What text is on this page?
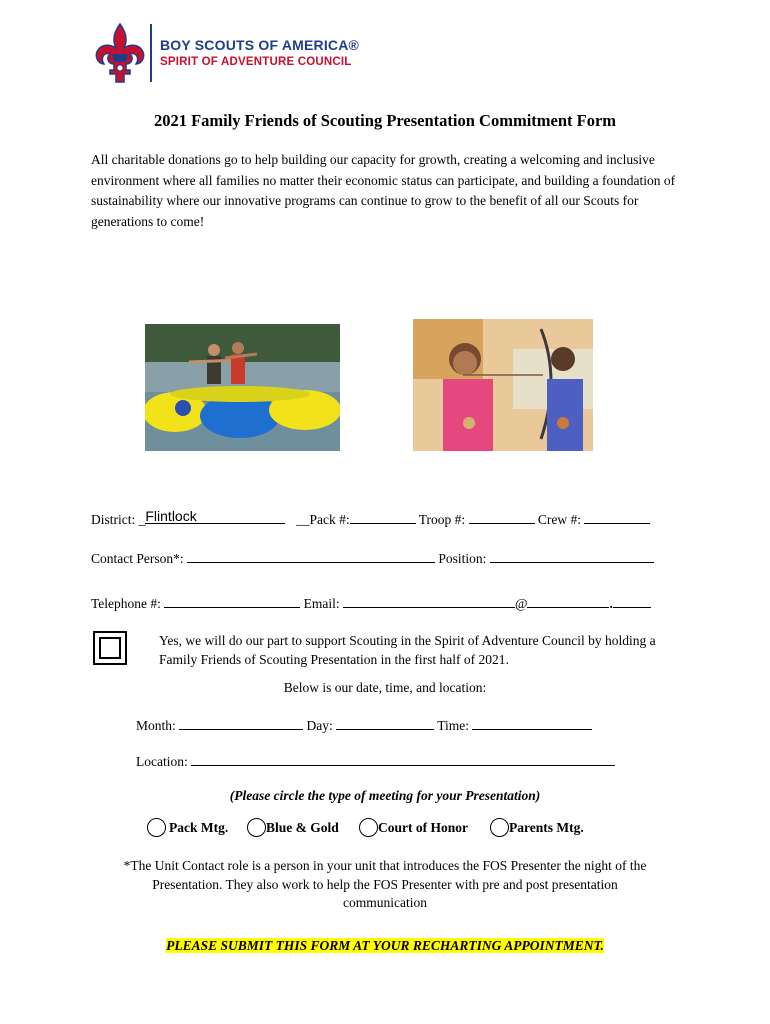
BOY SCOUTS OF AMERICA®
SPIRIT OF ADVENTURE COUNCIL
2021 Family Friends of Scouting Presentation Commitment Form
All charitable donations go to help building our capacity for growth, creating a welcoming and inclusive environment where all families no matter their economic status can participate, and building a foundation of sustainability where our innovative programs can continue to grow to the benefit of all our Scouts for generations to come!
District: _ Flintlock	__Pack #:	Troop #:	Crew #:
Contact Person*:	Position:
Telephone #:	Email:	@	.
Yes, we will do our part to support Scouting in the Spirit of Adventure Council by holding a Family Friends of Scouting Presentation in the first half of 2021.
Below is our date, time, and location:
Month:	Day:	Time:
Location:
(Please circle the type of meeting for your Presentation)
Pack Mtg.	Blue & Gold	Court of Honor	Parents Mtg.
*The Unit Contact role is a person in your unit that introduces the FOS Presenter the night of the Presentation. They also work to help the FOS Presenter with pre and post presentation communication
PLEASE SUBMIT THIS FORM AT YOUR RECHARTING APPOINTMENT.
